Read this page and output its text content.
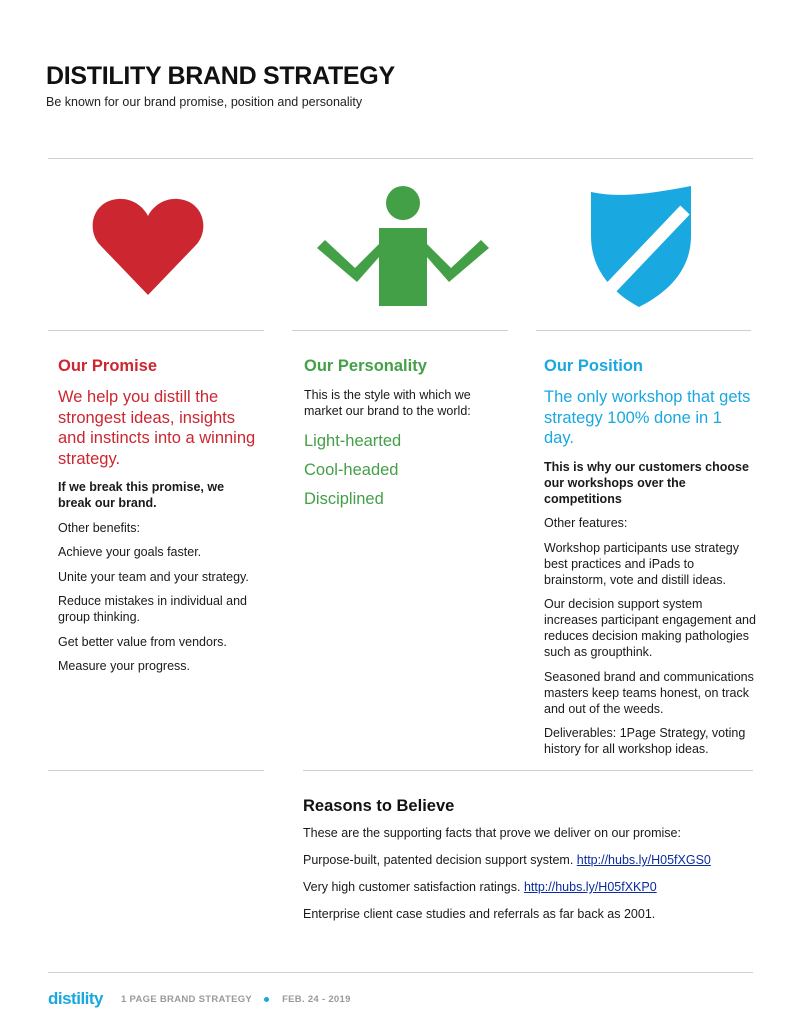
DISTILITY BRAND STRATEGY
Be known for our brand promise, position and personality
Our Promise

We help you distill the strongest ideas, insights and instincts into a winning strategy.

If we break this promise, we break our brand.

Other benefits:

Achieve your goals faster.

Unite your team and your strategy.

Reduce mistakes in individual and group thinking.

Get better value from vendors.

Measure your progress.

Our Personality

This is the style with which we market our brand to the world:

Light-hearted
Cool-headed
Disciplined
Our Position

The only workshop that gets strategy 100% done in 1 day.

This is why our customers choose our workshops over the competitions

Other features:

Workshop participants use strategy best practices and iPads to brainstorm, vote and distill ideas.

Our decision support system increases participant engagement and reduces decision making pathologies such as groupthink.

Seasoned brand and communications masters keep teams honest, on track and out of the weeds.

Deliverables: 1Page Strategy, voting history for all workshop ideas.

Reasons to Believe

These are the supporting facts that prove we deliver on our promise:

Purpose-built, patented decision support system. http://hubs.ly/H05fXGS0

Very high customer satisfaction ratings. http://hubs.ly/H05fXKP0

Enterprise client case studies and referrals as far back as 2001.

distility 1 PAGE BRAND STRATEGY	FEB. 24 - 2019
